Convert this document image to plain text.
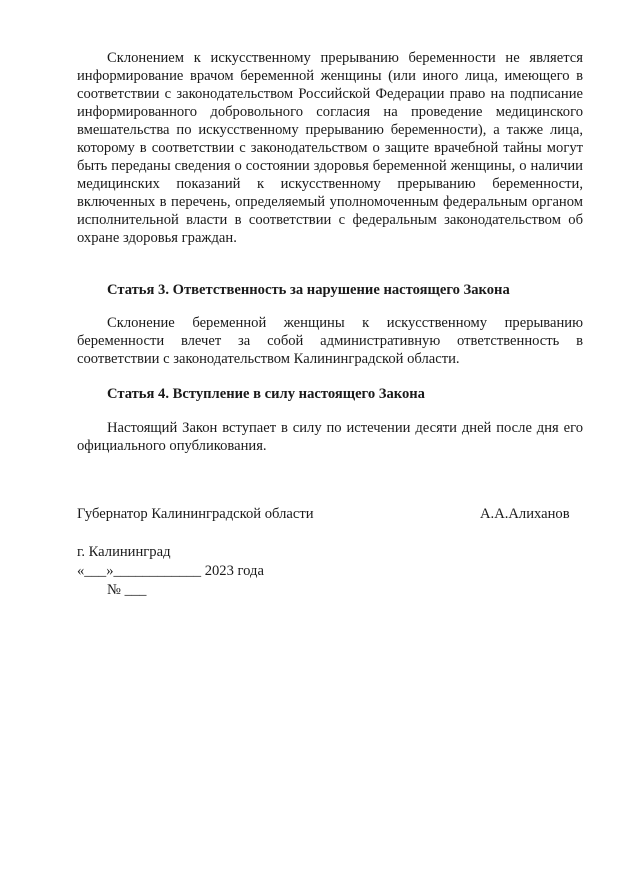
Склонением к искусственному прерыванию беременности не является информирование врачом беременной женщины (или иного лица, имеющего в соответствии с законодательством Российской Федерации право на подписание информированного добровольного согласия на проведение медицинского вмешательства по искусственному прерыванию беременности), а также лица, которому в соответствии с законодательством о защите врачебной тайны могут быть переданы сведения о состоянии здоровья беременной женщины, о наличии медицинских показаний к искусственному прерыванию беременности, включенных в перечень, определяемый уполномоченным федеральным органом исполнительной власти в соответствии с федеральным законодательством об охране здоровья граждан.

Статья 3. Ответственность за нарушение настоящего Закона

Склонение беременной женщины к искусственному прерыванию беременности влечет за собой административную ответственность в соответствии с законодательством Калининградской области.

Статья 4. Вступление в силу настоящего Закона

Настоящий Закон вступает в силу по истечении десяти дней после дня его официального опубликования.

Губернатор Калининградской области	А.А.Алиханов

г. Калининград

«___»____________ 2023 года

№ ___
